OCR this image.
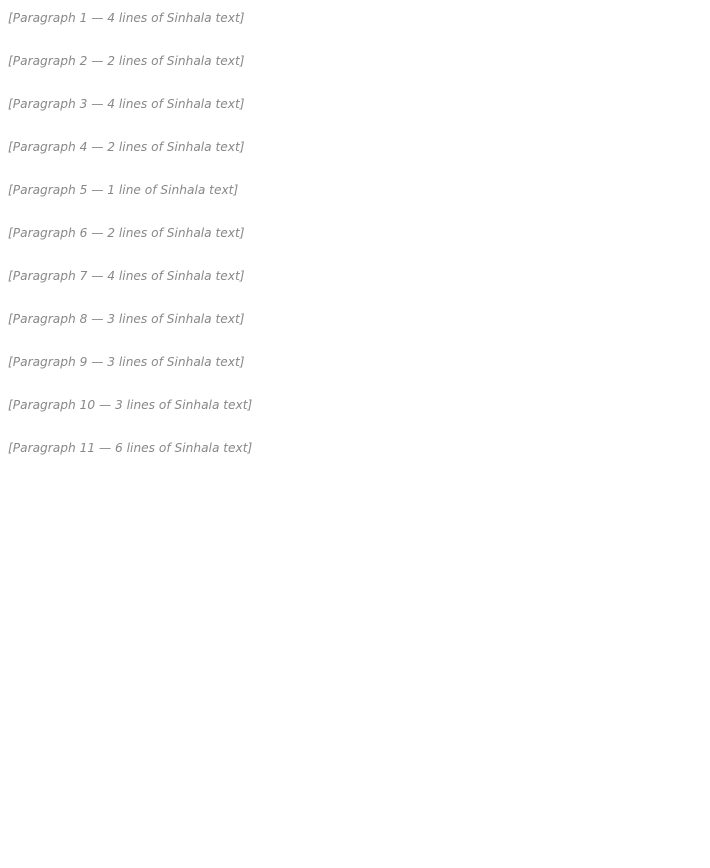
[Paragraph 1 — 4 lines of Sinhala text]

[Paragraph 2 — 2 lines of Sinhala text]

[Paragraph 3 — 4 lines of Sinhala text]

[Paragraph 4 — 2 lines of Sinhala text]

[Paragraph 5 — 1 line of Sinhala text]

[Paragraph 6 — 2 lines of Sinhala text]

[Paragraph 7 — 4 lines of Sinhala text]

[Paragraph 8 — 3 lines of Sinhala text]

[Paragraph 9 — 3 lines of Sinhala text]

[Paragraph 10 — 3 lines of Sinhala text]

[Paragraph 11 — 6 lines of Sinhala text]
